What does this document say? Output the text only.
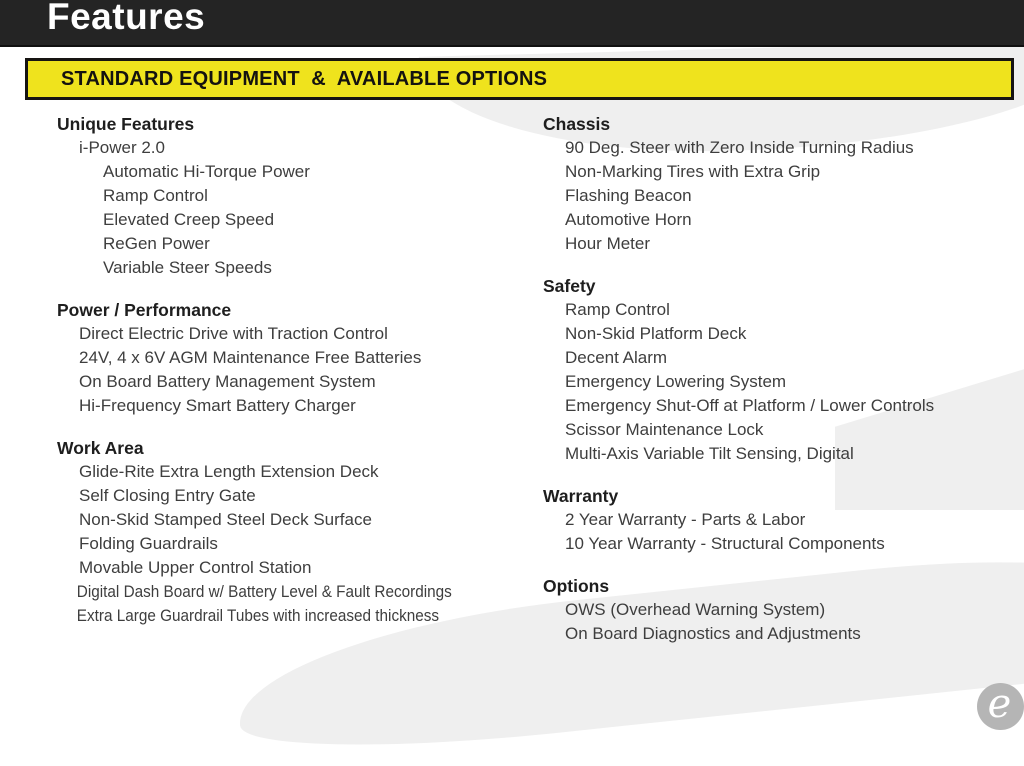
Features
STANDARD EQUIPMENT  &  AVAILABLE OPTIONS
Unique Features
i-Power 2.0
Automatic Hi-Torque Power
Ramp Control
Elevated Creep Speed
ReGen Power
Variable Steer Speeds
Power / Performance
Direct Electric Drive with Traction Control
24V, 4 x 6V AGM Maintenance Free Batteries
On Board Battery Management System
Hi-Frequency Smart Battery Charger
Work Area
Glide-Rite Extra Length Extension Deck
Self Closing Entry Gate
Non-Skid Stamped Steel Deck Surface
Folding Guardrails
Movable Upper Control Station
Digital Dash Board w/ Battery Level & Fault Recordings
Extra Large Guardrail Tubes with increased thickness
Chassis
90 Deg. Steer with Zero Inside Turning Radius
Non-Marking Tires with Extra Grip
Flashing Beacon
Automotive Horn
Hour Meter
Safety
Ramp Control
Non-Skid Platform Deck
Decent Alarm
Emergency Lowering System
Emergency Shut-Off at Platform / Lower Controls
Scissor Maintenance Lock
Multi-Axis Variable Tilt Sensing, Digital
Warranty
2 Year Warranty - Parts & Labor
10 Year Warranty - Structural Components
Options
OWS (Overhead Warning System)
On Board Diagnostics and Adjustments
e
